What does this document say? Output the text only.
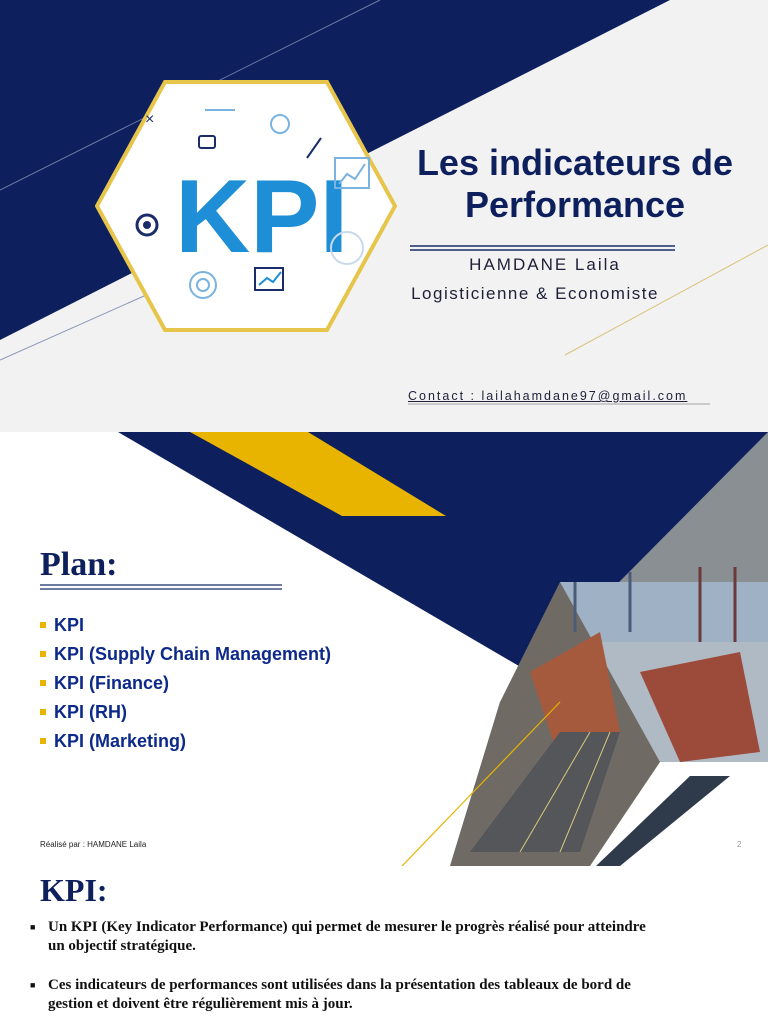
KPI
×
Les indicateurs de
Performance
HAMDANE Laila
Logisticienne & Economiste
Contact : lailahamdane97@gmail.com
Plan:
KPI
KPI (Supply Chain Management)
KPI (Finance)
KPI (RH)
KPI (Marketing)
Réalisé par : HAMDANE Laila	2
KPI:
■ Un KPI (Key Indicator Performance) qui permet de mesurer le progrès réalisé pour atteindre
un objectif stratégique.
■ Ces indicateurs de performances sont utilisées dans la présentation des tableaux de bord de
gestion et doivent être régulièrement mis à jour.
